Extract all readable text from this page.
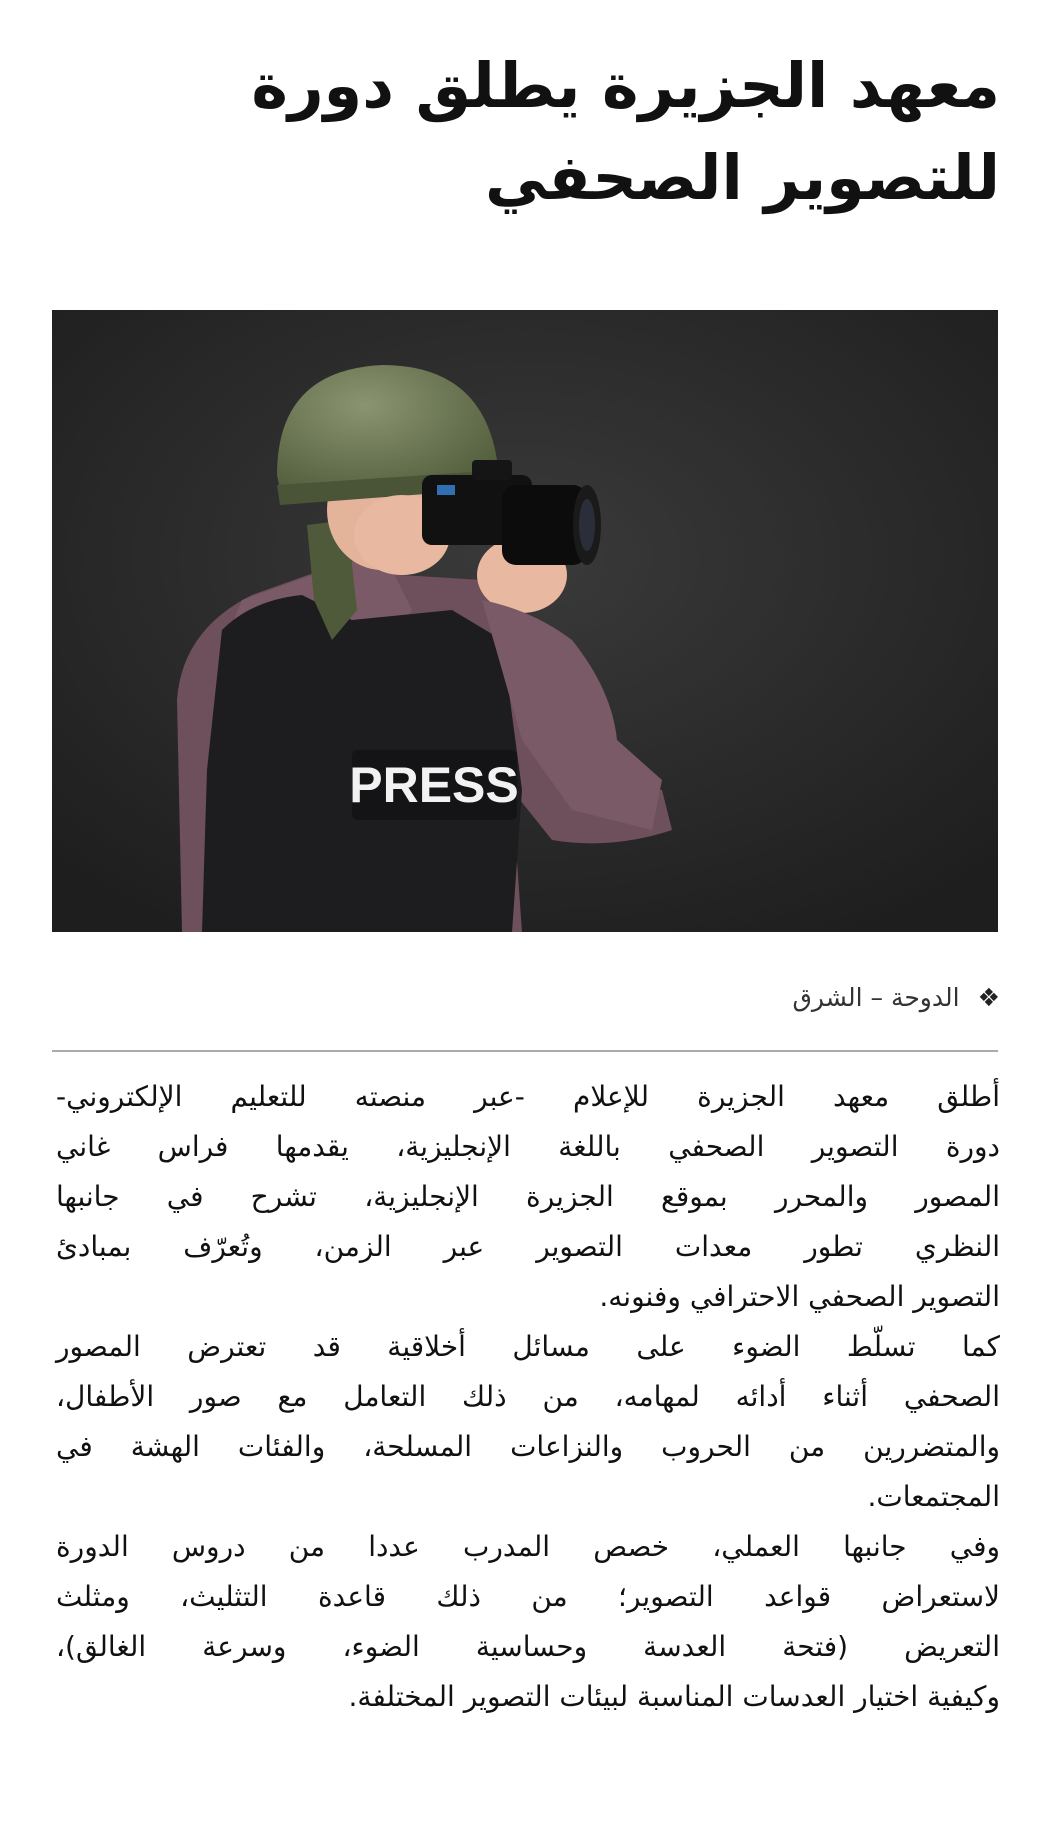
معهد الجزيرة يطلق دورة
للتصوير الصحفي
PRESS
❖الدوحة – الشرق

أطلق معهد الجزيرة للإعلام -عبر منصته للتعليم الإلكتروني-
دورة التصوير الصحفي باللغة الإنجليزية، يقدمها فراس غاني
المصور والمحرر بموقع الجزيرة الإنجليزية، تشرح في جانبها
النظري تطور معدات التصوير عبر الزمن، وتُعرّف بمبادئ
التصوير الصحفي الاحترافي وفنونه.

كما تسلّط الضوء على مسائل أخلاقية قد تعترض المصور
الصحفي أثناء أدائه لمهامه، من ذلك التعامل مع صور الأطفال،
والمتضررين من الحروب والنزاعات المسلحة، والفئات الهشة في
المجتمعات.

وفي جانبها العملي، خصص المدرب عددا من دروس الدورة
لاستعراض قواعد التصوير؛ من ذلك قاعدة التثليث، ومثلث
التعريض (فتحة العدسة وحساسية الضوء، وسرعة الغالق)،
وكيفية اختيار العدسات المناسبة لبيئات التصوير المختلفة.
